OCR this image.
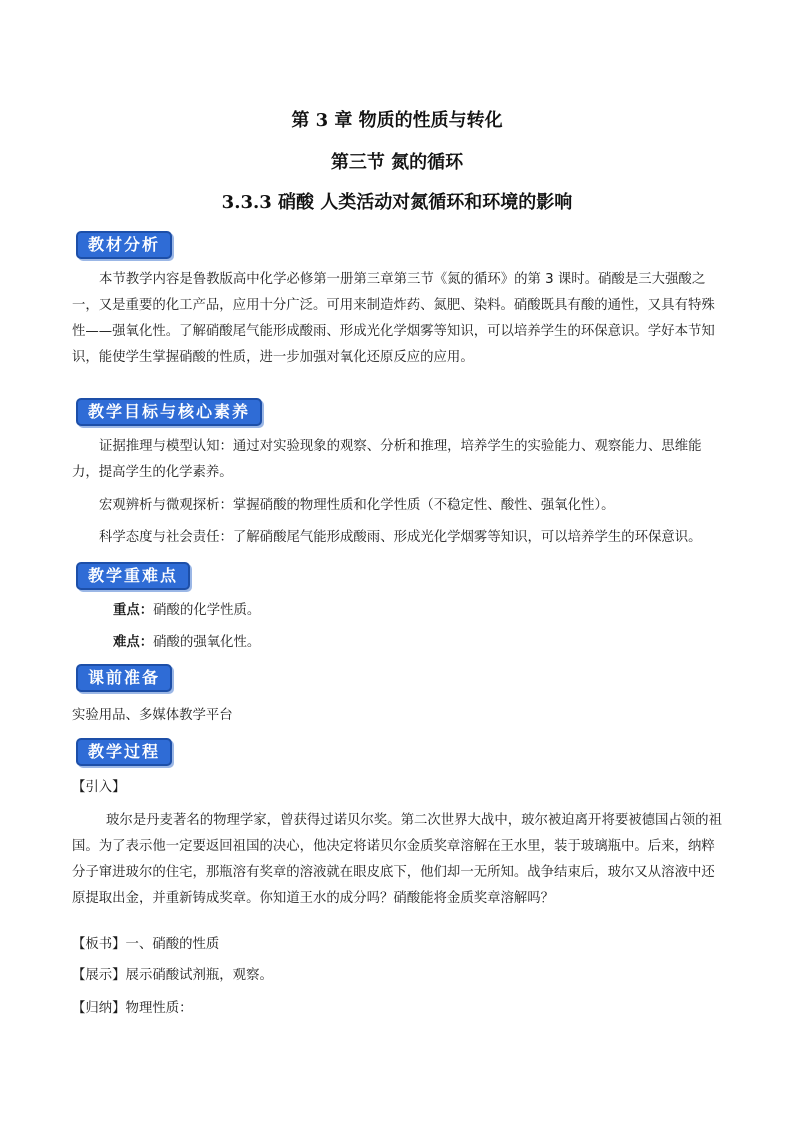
第 3 章 物质的性质与转化
第三节 氮的循环
3.3.3 硝酸 人类活动对氮循环和环境的影响
教材分析
本节教学内容是鲁教版高中化学必修第一册第三章第三节《氮的循环》的第 3 课时。硝酸是三大强酸之一，又是重要的化工产品，应用十分广泛。可用来制造炸药、氮肥、染料。硝酸既具有酸的通性，又具有特殊性——强氧化性。了解硝酸尾气能形成酸雨、形成光化学烟雾等知识，可以培养学生的环保意识。学好本节知识，能使学生掌握硝酸的性质，进一步加强对氧化还原反应的应用。
教学目标与核心素养
证据推理与模型认知：通过对实验现象的观察、分析和推理，培养学生的实验能力、观察能力、思维能力，提高学生的化学素养。
宏观辨析与微观探析：掌握硝酸的物理性质和化学性质（不稳定性、酸性、强氧化性）。
科学态度与社会责任：了解硝酸尾气能形成酸雨、形成光化学烟雾等知识，可以培养学生的环保意识。
教学重难点
重点：硝酸的化学性质。
难点：硝酸的强氧化性。
课前准备
实验用品、多媒体教学平台
教学过程
【引入】
玻尔是丹麦著名的物理学家，曾获得过诺贝尔奖。第二次世界大战中，玻尔被迫离开将要被德国占领的祖国。为了表示他一定要返回祖国的决心，他决定将诺贝尔金质奖章溶解在王水里，装于玻璃瓶中。后来，纳粹分子窜进玻尔的住宅，那瓶溶有奖章的溶液就在眼皮底下，他们却一无所知。战争结束后，玻尔又从溶液中还原提取出金，并重新铸成奖章。你知道王水的成分吗？硝酸能将金质奖章溶解吗？
【板书】一、硝酸的性质
【展示】展示硝酸试剂瓶，观察。
【归纳】物理性质：
